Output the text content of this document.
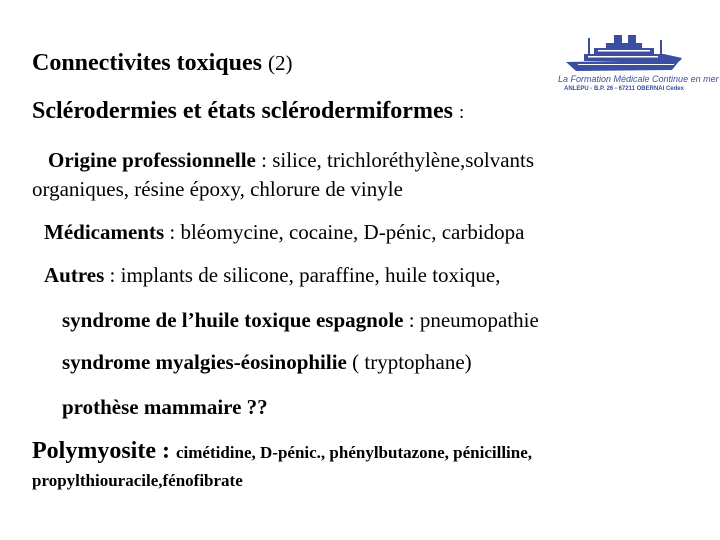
Connectivites toxiques (2)
Sclérodermies et états sclérodermiformes :
Origine professionnelle : silice, trichloréthylène,solvants
organiques, résine époxy, chlorure de vinyle
Médicaments : bléomycine, cocaine, D-pénic, carbidopa
Autres : implants de silicone, paraffine, huile toxique,
syndrome de l’huile toxique espagnole : pneumopathie
syndrome myalgies-éosinophilie ( tryptophane)
prothèse mammaire ??
Polymyosite : cimétidine, D-pénic., phénylbutazone, pénicilline,
propylthiouracile,fénofibrate
La Formation Médicale Continue en mer
ANLEPU - B.P. 26 - 67211 OBERNAI Cedex
